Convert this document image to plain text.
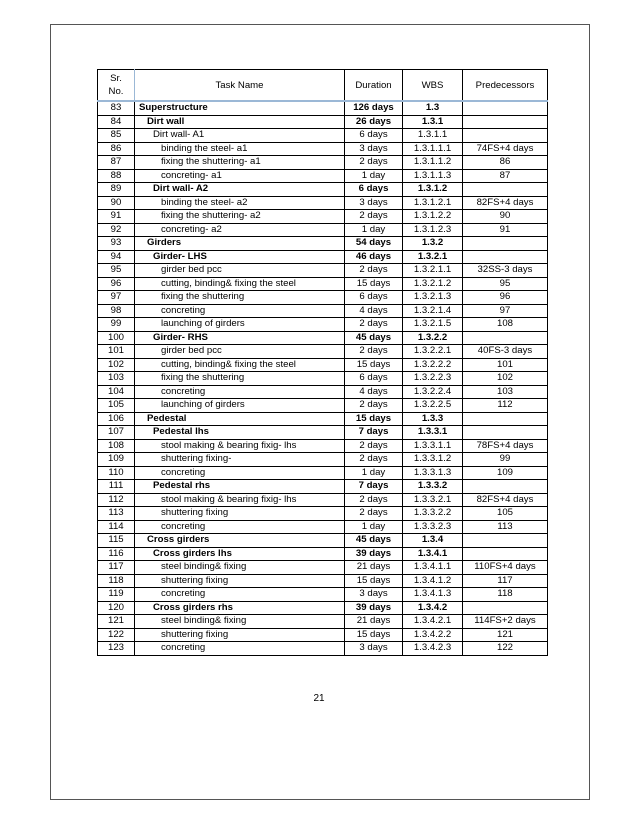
Sr.
No.	Task Name	Duration	WBS	Predecessors
83	Superstructure	126 days	1.3	
84	Dirt wall	26 days	1.3.1	
85	Dirt wall- A1	6 days	1.3.1.1	
86	binding the steel- a1	3 days	1.3.1.1.1	74FS+4 days
87	fixing the shuttering- a1	2 days	1.3.1.1.2	86
88	concreting- a1	1 day	1.3.1.1.3	87
89	Dirt wall- A2	6 days	1.3.1.2	
90	binding the steel- a2	3 days	1.3.1.2.1	82FS+4 days
91	fixing the shuttering- a2	2 days	1.3.1.2.2	90
92	concreting- a2	1 day	1.3.1.2.3	91
93	Girders	54 days	1.3.2	
94	Girder- LHS	46 days	1.3.2.1	
95	girder bed pcc	2 days	1.3.2.1.1	32SS-3 days
96	cutting, binding& fixing the steel	15 days	1.3.2.1.2	95
97	fixing the shuttering	6 days	1.3.2.1.3	96
98	concreting	4 days	1.3.2.1.4	97
99	launching of girders	2 days	1.3.2.1.5	108
100	Girder- RHS	45 days	1.3.2.2	
101	girder bed pcc	2 days	1.3.2.2.1	40FS-3 days
102	cutting, binding& fixing the steel	15 days	1.3.2.2.2	101
103	fixing the shuttering	6 days	1.3.2.2.3	102
104	concreting	4 days	1.3.2.2.4	103
105	launching of girders	2 days	1.3.2.2.5	112
106	Pedestal	15 days	1.3.3	
107	Pedestal lhs	7 days	1.3.3.1	
108	stool making & bearing fixig- lhs	2 days	1.3.3.1.1	78FS+4 days
109	shuttering fixing-	2 days	1.3.3.1.2	99
110	concreting	1 day	1.3.3.1.3	109
111	Pedestal rhs	7 days	1.3.3.2	
112	stool making & bearing fixig- lhs	2 days	1.3.3.2.1	82FS+4 days
113	shuttering fixing	2 days	1.3.3.2.2	105
114	concreting	1 day	1.3.3.2.3	113
115	Cross girders	45 days	1.3.4	
116	Cross girders lhs	39 days	1.3.4.1	
117	steel binding& fixing	21 days	1.3.4.1.1	110FS+4 days
118	shuttering fixing	15 days	1.3.4.1.2	117
119	concreting	3 days	1.3.4.1.3	118
120	Cross girders rhs	39 days	1.3.4.2	
121	steel binding& fixing	21 days	1.3.4.2.1	114FS+2 days
122	shuttering fixing	15 days	1.3.4.2.2	121
123	concreting	3 days	1.3.4.2.3	122
21
